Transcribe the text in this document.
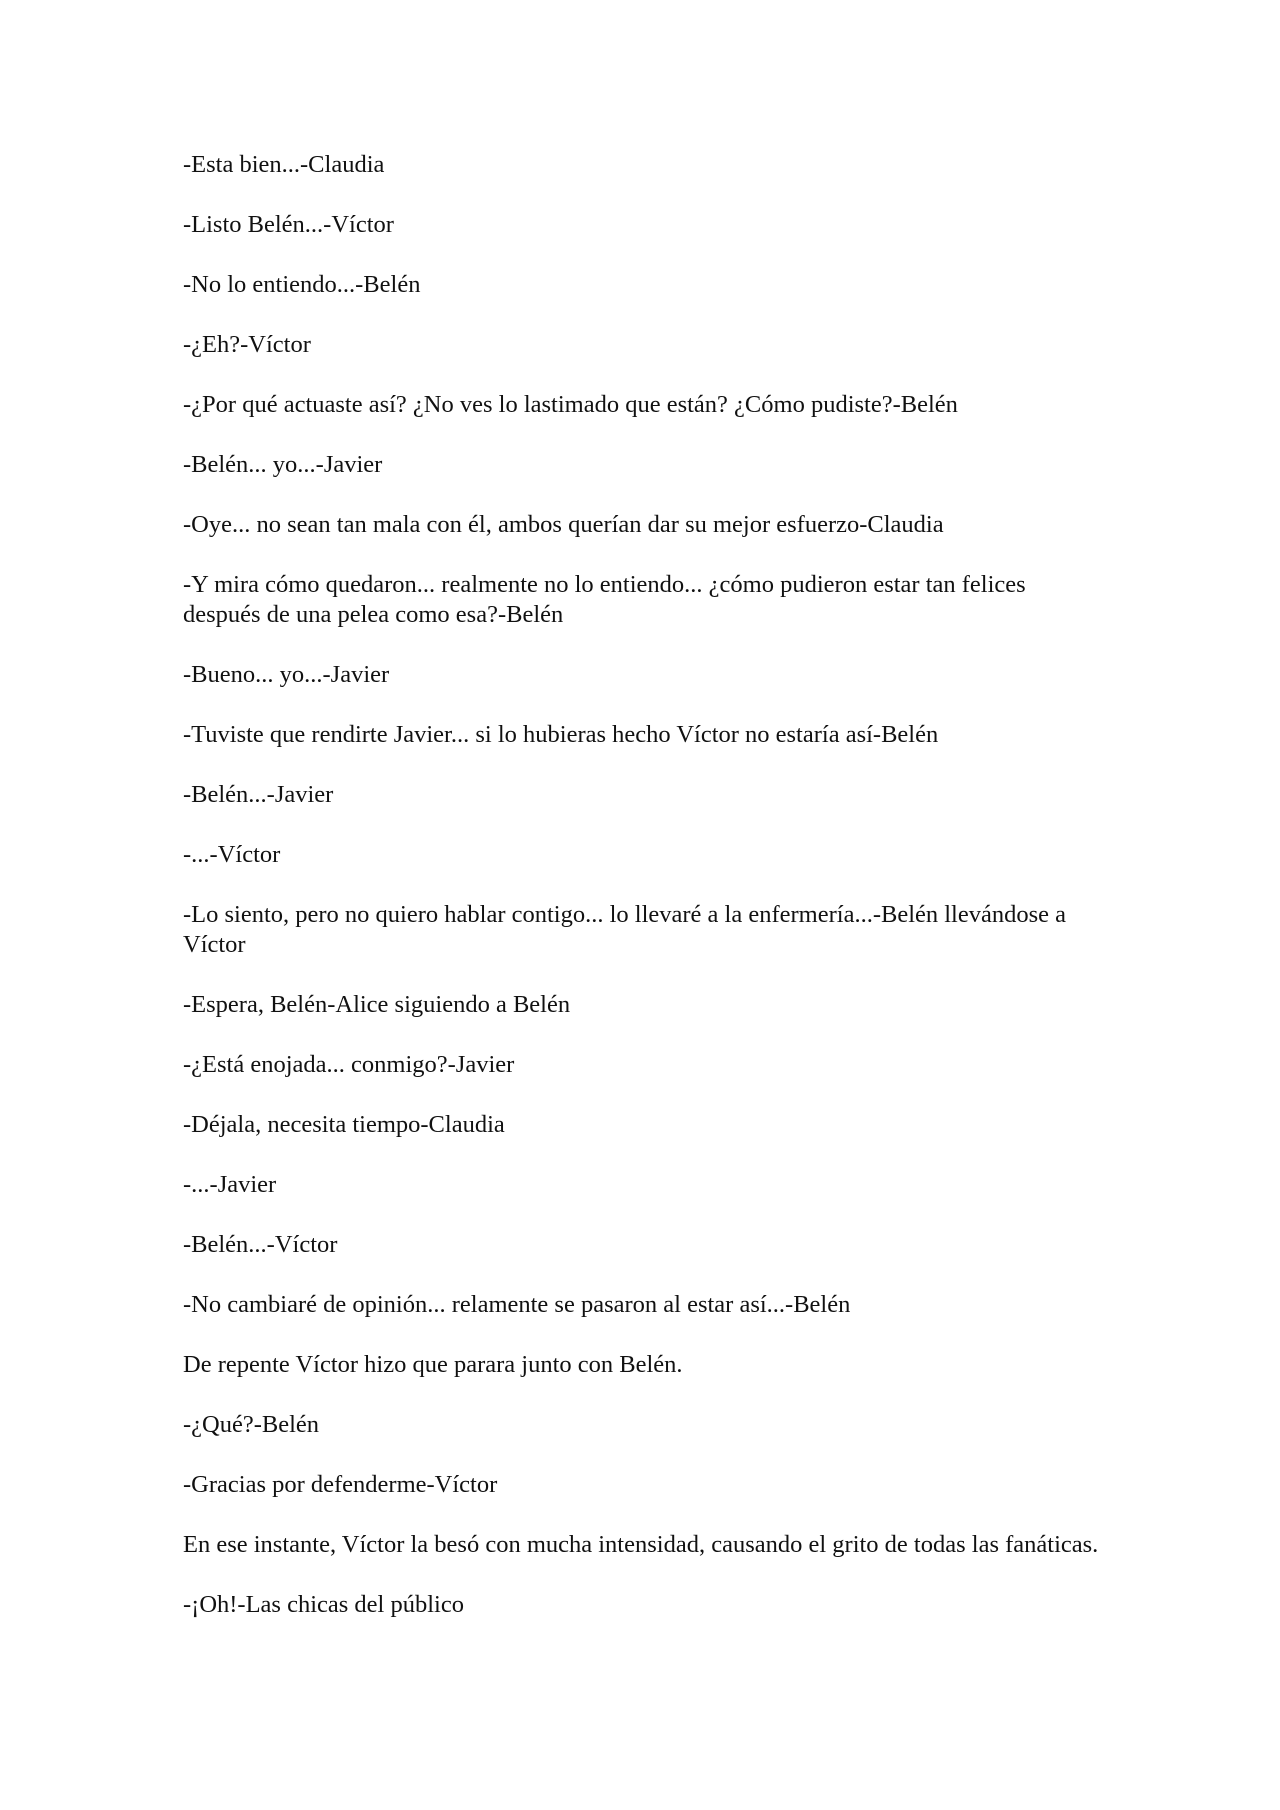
-Esta bien...-Claudia

-Listo Belén...-Víctor

-No lo entiendo...-Belén

-¿Eh?-Víctor

-¿Por qué actuaste así? ¿No ves lo lastimado que están? ¿Cómo pudiste?-Belén

-Belén... yo...-Javier

-Oye... no sean tan mala con él, ambos querían dar su mejor esfuerzo-Claudia

-Y mira cómo quedaron... realmente no lo entiendo... ¿cómo pudieron estar tan felices después de una pelea como esa?-Belén

-Bueno... yo...-Javier

-Tuviste que rendirte Javier... si lo hubieras hecho Víctor no estaría así-Belén

-Belén...-Javier

-...-Víctor

-Lo siento, pero no quiero hablar contigo... lo llevaré a la enfermería...-Belén llevándose a Víctor

-Espera, Belén-Alice siguiendo a Belén

-¿Está enojada... conmigo?-Javier

-Déjala, necesita tiempo-Claudia

-...-Javier

-Belén...-Víctor

-No cambiaré de opinión... relamente se pasaron al estar así...-Belén

De repente Víctor hizo que parara junto con Belén.

-¿Qué?-Belén

-Gracias por defenderme-Víctor

En ese instante, Víctor la besó con mucha intensidad, causando el grito de todas las fanáticas.

-¡Oh!-Las chicas del público
